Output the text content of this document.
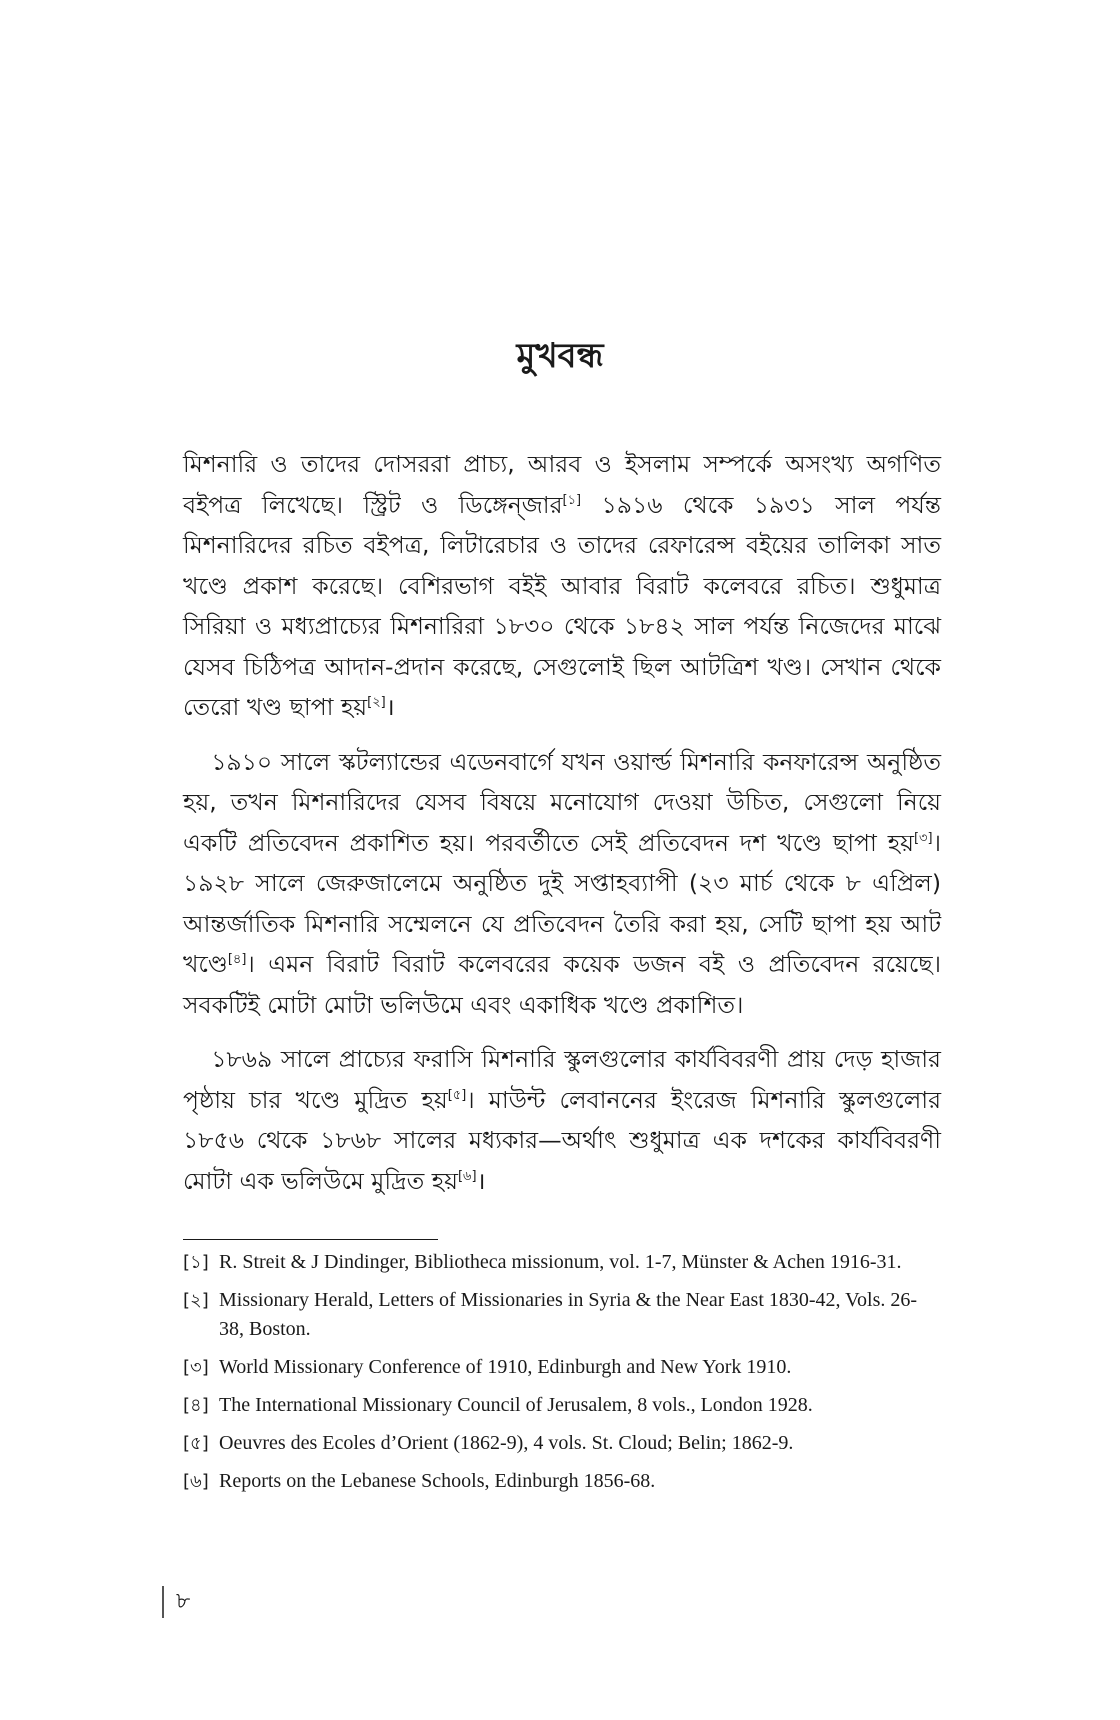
মুখবন্ধ

মিশনারি ও তাদের দোসররা প্রাচ্য, আরব ও ইসলাম সম্পর্কে অসংখ্য অগণিত বইপত্র লিখেছে। স্ট্রিট ও ডিঙ্গেন্‌জার[১] ১৯১৬ থেকে ১৯৩১ সাল পর্যন্ত মিশনারিদের রচিত বইপত্র, লিটারেচার ও তাদের রেফারেন্স বইয়ের তালিকা সাত খণ্ডে প্রকাশ করেছে। বেশিরভাগ বইই আবার বিরাট কলেবরে রচিত। শুধুমাত্র সিরিয়া ও মধ্যপ্রাচ্যের মিশনারিরা ১৮৩০ থেকে ১৮৪২ সাল পর্যন্ত নিজেদের মাঝে যেসব চিঠিপত্র আদান-প্রদান করেছে, সেগুলোই ছিল আটত্রিশ খণ্ড। সেখান থেকে তেরো খণ্ড ছাপা হয়[২]।

১৯১০ সালে স্কটল্যান্ডের এডেনবার্গে যখন ওয়ার্ল্ড মিশনারি কনফারেন্স অনুষ্ঠিত হয়, তখন মিশনারিদের যেসব বিষয়ে মনোযোগ দেওয়া উচিত, সেগুলো নিয়ে একটি প্রতিবেদন প্রকাশিত হয়। পরবর্তীতে সেই প্রতিবেদন দশ খণ্ডে ছাপা হয়[৩]। ১৯২৮ সালে জেরুজালেমে অনুষ্ঠিত দুই সপ্তাহব্যাপী (২৩ মার্চ থেকে ৮ এপ্রিল) আন্তর্জাতিক মিশনারি সম্মেলনে যে প্রতিবেদন তৈরি করা হয়, সেটি ছাপা হয় আট খণ্ডে[৪]। এমন বিরাট বিরাট কলেবরের কয়েক ডজন বই ও প্রতিবেদন রয়েছে। সবকটিই মোটা মোটা ভলিউমে এবং একাধিক খণ্ডে প্রকাশিত।

১৮৬৯ সালে প্রাচ্যের ফরাসি মিশনারি স্কুলগুলোর কার্যবিবরণী প্রায় দেড় হাজার পৃষ্ঠায় চার খণ্ডে মুদ্রিত হয়[৫]। মাউন্ট লেবাননের ইংরেজ মিশনারি স্কুলগুলোর ১৮৫৬ থেকে ১৮৬৮ সালের মধ্যকার—অর্থাৎ শুধুমাত্র এক দশকের কার্যবিবরণী মোটা এক ভলিউমে মুদ্রিত হয়[৬]।

[১] R. Streit & J Dindinger, Bibliotheca missionum, vol. 1-7, Münster & Achen 1916-31.
[২] Missionary Herald, Letters of Missionaries in Syria & the Near East 1830-42, Vols. 26-38, Boston.
[৩] World Missionary Conference of 1910, Edinburgh and New York 1910.
[৪] The International Missionary Council of Jerusalem, 8 vols., London 1928.
[৫] Oeuvres des Ecoles d’Orient (1862-9), 4 vols. St. Cloud; Belin; 1862-9.
[৬] Reports on the Lebanese Schools, Edinburgh 1856-68.
৮
